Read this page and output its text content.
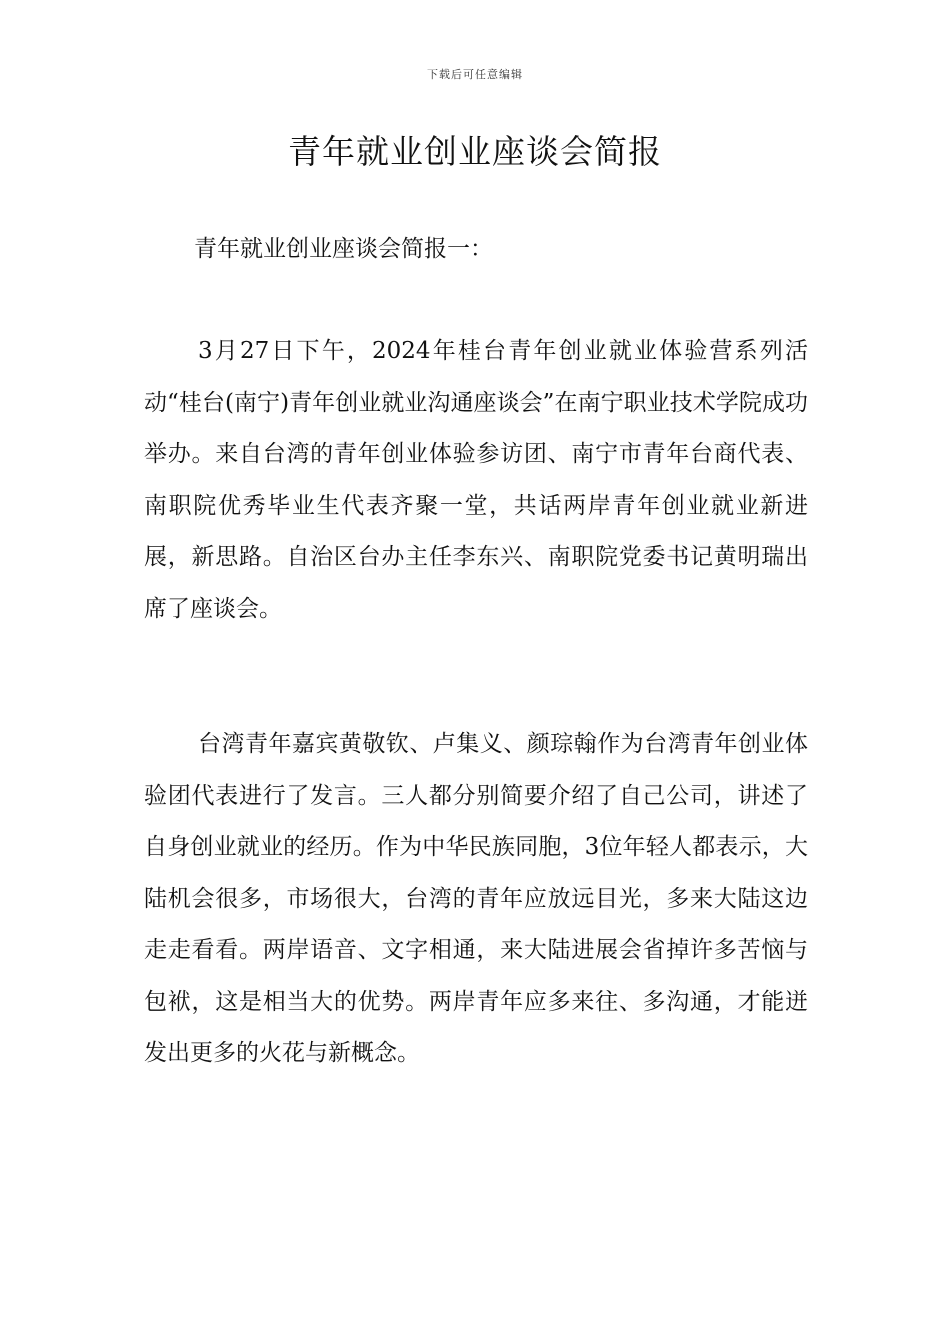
下载后可任意编辑
青年就业创业座谈会简报

青年就业创业座谈会简报一：

3月27日下午，2024年桂台青年创业就业体验营系列活动“桂台(南宁)青年创业就业沟通座谈会”在南宁职业技术学院成功举办。来自台湾的青年创业体验参访团、南宁市青年台商代表、南职院优秀毕业生代表齐聚一堂，共话两岸青年创业就业新进展，新思路。自治区台办主任李东兴、南职院党委书记黄明瑞出席了座谈会。

台湾青年嘉宾黄敬钦、卢集义、颜琮翰作为台湾青年创业体验团代表进行了发言。三人都分别简要介绍了自己公司，讲述了自身创业就业的经历。作为中华民族同胞，3位年轻人都表示，大陆机会很多，市场很大，台湾的青年应放远目光，多来大陆这边走走看看。两岸语音、文字相通，来大陆进展会省掉许多苦恼与包袱，这是相当大的优势。两岸青年应多来往、多沟通，才能迸发出更多的火花与新概念。
